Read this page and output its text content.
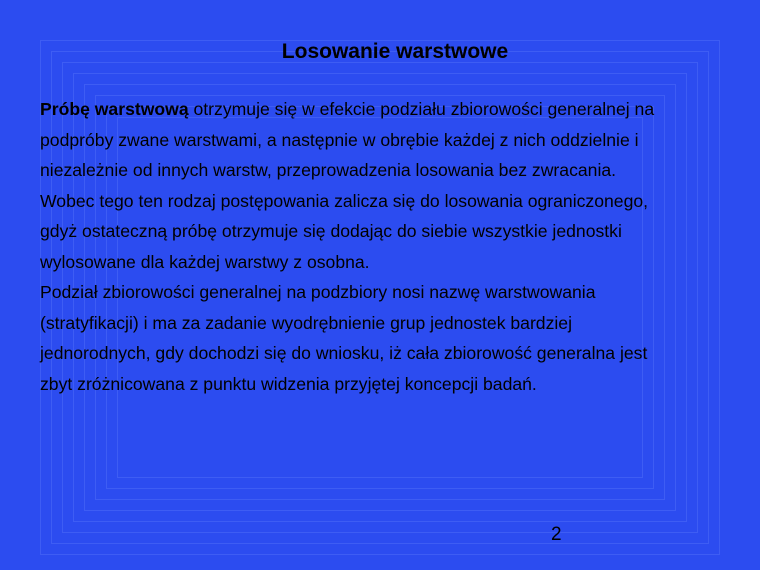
Losowanie warstwowe
Próbę warstwową otrzymuje się w efekcie podziału zbiorowości generalnej na
podpróby zwane warstwami, a następnie w obrębie każdej z nich oddzielnie i
niezależnie od innych warstw, przeprowadzenia losowania bez zwracania.
Wobec tego ten rodzaj postępowania zalicza się do losowania ograniczonego,
gdyż ostateczną próbę otrzymuje się dodając do siebie wszystkie jednostki
wylosowane dla każdej warstwy z osobna.
Podział zbiorowości generalnej na podzbiory nosi nazwę warstwowania
(stratyfikacji) i ma za zadanie wyodrębnienie grup jednostek bardziej
jednorodnych, gdy dochodzi się do wniosku, iż cała zbiorowość generalna jest
zbyt zróżnicowana z punktu widzenia przyjętej koncepcji badań.
2
